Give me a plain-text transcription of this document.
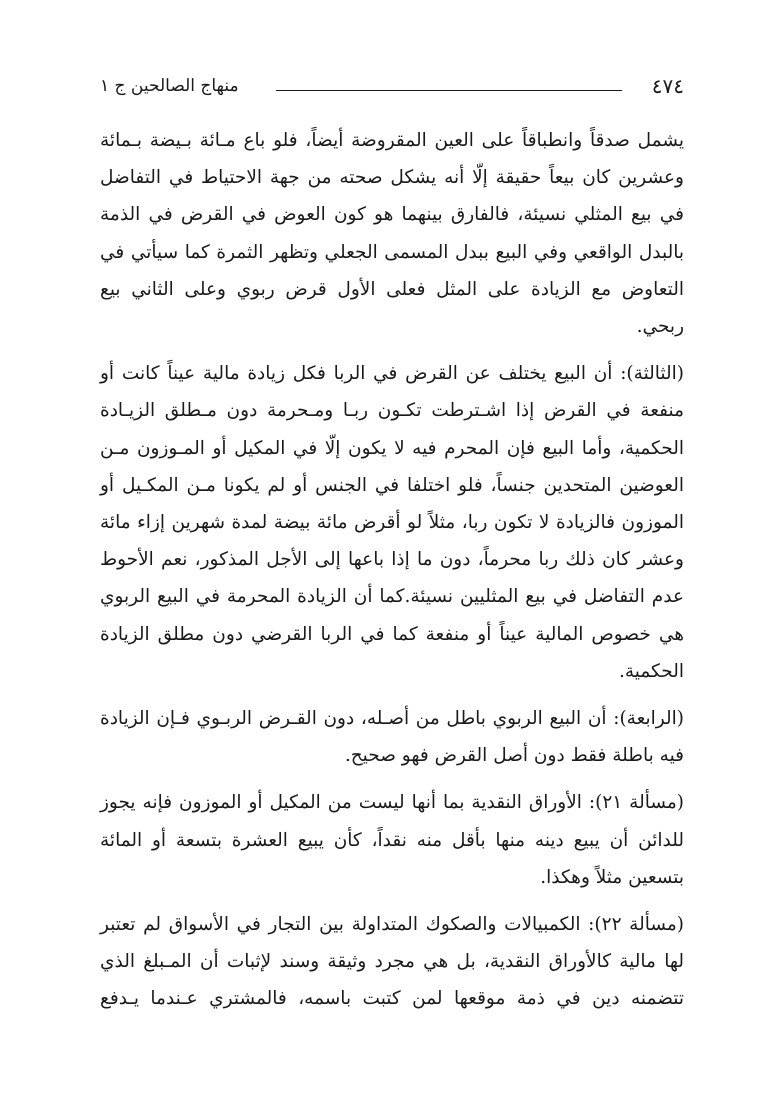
٤٧٤
منهاج الصالحين ج ١

يشمل صدقاً وانطباقاً على العين المقروضة أيضاً، فلو باع مـائة بـيضة بـمائة وعشرين كان بيعاً حقيقة إلّا أنه يشكل صحته من جهة الاحتياط في التفاضل في بيع المثلي نسيئة، فالفارق بينهما هو كون العوض في القرض في الذمة بالبدل الواقعي وفي البيع ببدل المسمى الجعلي وتظهر الثمرة كما سيأتي في التعاوض مع الزيادة على المثل فعلى الأول قرض ربوي وعلى الثاني بيع ربحي.

(الثالثة): أن البيع يختلف عن القرض في الربا فكل زيادة مالية عيناً كانت أو منفعة في القرض إذا اشـترطت تكـون ربـا ومـحرمة دون مـطلق الزيـادة الحكمية، وأما البيع فإن المحرم فيه لا يكون إلّا في المكيل أو المـوزون مـن العوضين المتحدين جنساً، فلو اختلفا في الجنس أو لم يكونا مـن المكـيل أو الموزون فالزيادة لا تكون ربا، مثلاً لو أقرض مائة بيضة لمدة شهرين إزاء مائة وعشر كان ذلك ربا محرماً، دون ما إذا باعها إلى الأجل المذكور، نعم الأحوط عدم التفاضل في بيع المثليين نسيئة.كما أن الزيادة المحرمة في البيع الربوي هي خصوص المالية عيناً أو منفعة كما في الربا القرضي دون مطلق الزيادة الحكمية.

(الرابعة): أن البيع الربوي باطل من أصـله، دون القـرض الربـوي فـإن الزيادة فيه باطلة فقط دون أصل القرض فهو صحيح.

(مسألة ٢١): الأوراق النقدية بما أنها ليست من المكيل أو الموزون فإنه يجوز للدائن أن يبيع دينه منها بأقل منه نقداً، كأن يبيع العشرة بتسعة أو المائة بتسعين مثلاً وهكذا.

(مسألة ٢٢): الكمبيالات والصكوك المتداولة بين التجار في الأسواق لم تعتبر لها مالية كالأوراق النقدية، بل هي مجرد وثيقة وسند لإثبات أن المـبلغ الذي تتضمنه دين في ذمة موقعها لمن كتبت باسمه، فالمشتري عـندما يـدفع
